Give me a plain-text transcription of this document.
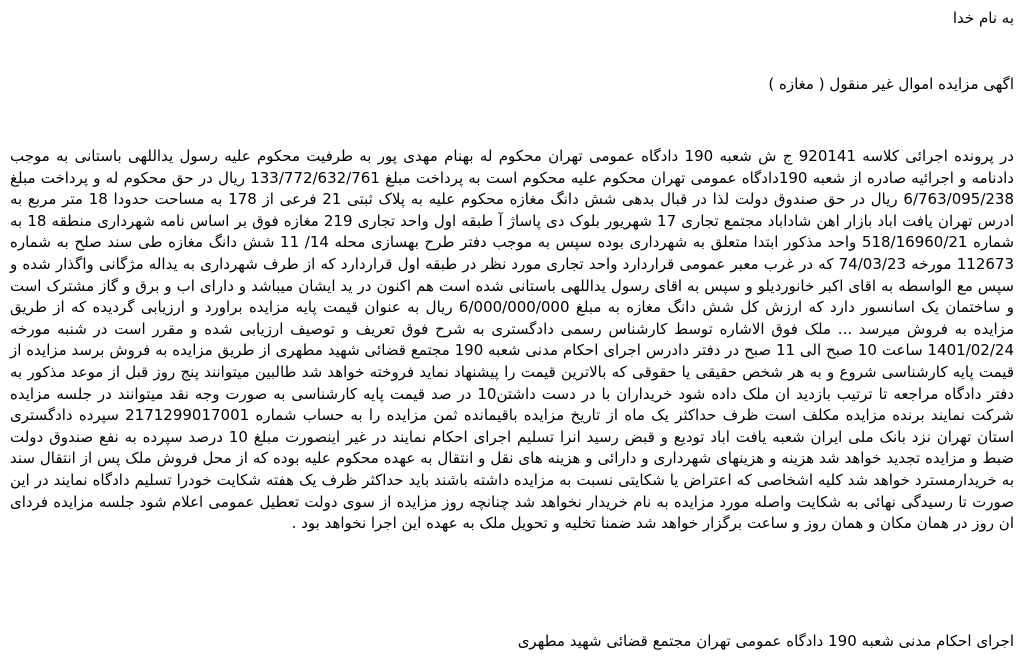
به نام خدا
اگهی مزایده اموال غیر منقول ( مغازه )
در پرونده اجرائی کلاسه 920141 ج ش شعبه 190 دادگاه عمومی تهران محکوم له بهنام مهدی پور به طرفیت محکوم علیه رسول یداللهی باستانی به موجب دادنامه و اجرائیه صادره از شعبه 190دادگاه عمومی تهران محکوم علیه محکوم است به پرداخت مبلغ 133/772/632/761 ریال در حق محکوم له و پرداخت مبلغ 6/763/095/238 ریال در حق صندوق دولت لذا در قبال بدهی شش دانگ مغازه محکوم علیه به پلاک ثبتی 21 فرعی از 178 به مساحت حدودا 18 متر مربع به ادرس تهران یافت اباد بازار اهن شاداباد مجتمع تجاری 17 شهریور بلوک دی پاساژ آ طبقه اول واحد تجاری 219 مغازه فوق بر اساس نامه شهرداری منطقه 18 به شماره 518/16960/21 واحد مذکور ابتدا متعلق به شهرداری بوده سپس به موجب دفتر طرح بهسازی محله 14/ 11 شش دانگ مغازه طی سند صلح به شماره 112673 مورخه 74/03/23 که در غرب معبر عمومی قراردارد واحد تجاری مورد نظر در طبقه اول قراردارد که از طرف شهرداری به یداله مژگانی واگذار شده و سپس مع الواسطه به اقای اکبر خانوردیلو و سپس به اقای رسول یداللهی باستانی شده است هم اکنون در ید ایشان میباشد و دارای اب و برق و گاز مشترک است و ساختمان یک اسانسور دارد که ارزش کل شش دانگ مغازه به مبلغ 6/000/000/000 ریال به عنوان قیمت پایه مزایده براورد و ارزیابی گردیده که از طریق مزایده به فروش میرسد ... ملک فوق الاشاره توسط کارشناس رسمی دادگستری به شرح فوق تعریف و توصیف ارزیابی شده و مقرر است در شنبه مورخه 1401/02/24 ساعت 10 صبح الی 11 صبح در دفتر دادرس اجرای احکام مدنی شعبه 190 مجتمع قضائی شهید مطهری از طریق مزایده به فروش برسد مزایده از قیمت پایه کارشناسی شروع و به هر شخص حقیقی یا حقوقی که بالاترین قیمت را پیشنهاد نماید فروخته خواهد شد طالبین میتوانند پنج روز قبل از موعد مذکور به دفتر دادگاه مراجعه تا ترتیب بازدید ان ملک داده شود خریداران با در دست داشتن10 در صد قیمت پایه کارشناسی به صورت وجه نقد میتوانند در جلسه مزایده شرکت نمایند برنده مزایده مکلف است ظرف حداکثر یک ماه از تاریخ مزایده باقیمانده ثمن مزایده را به حساب شماره 2171299017001 سپرده دادگستری استان تهران نزد بانک ملی ایران شعبه یافت اباد تودیع و قبض رسید انرا تسلیم اجرای احکام نمایند در غیر اینصورت مبلغ 10 درصد سپرده به نفع صندوق دولت ضبط و مزایده تجدید خواهد شد هزینه و هزینهای شهرداری و دارائی و هزینه های نقل و انتقال به عهده محکوم علیه بوده که از محل فروش ملک پس از انتقال سند به خریدارمسترد خواهد شد کلیه اشخاصی که اعتراض یا شکایتی نسبت به مزایده داشته باشند باید حداکثر ظرف یک هفته شکایت خودرا تسلیم دادگاه نمایند در این صورت تا رسیدگی نهائی به شکایت واصله مورد مزایده به نام خریدار نخواهد شد چنانچه روز مزایده از سوی دولت تعطیل عمومی اعلام شود جلسه مزایده فردای ان روز در همان مکان و همان روز و ساعت برگزار خواهد شد ضمنا تخلیه و تحویل ملک به عهده این اجرا نخواهد بود .
اجرای احکام مدنی شعبه 190 دادگاه عمومی تهران مجتمع قضائی شهید مطهری
